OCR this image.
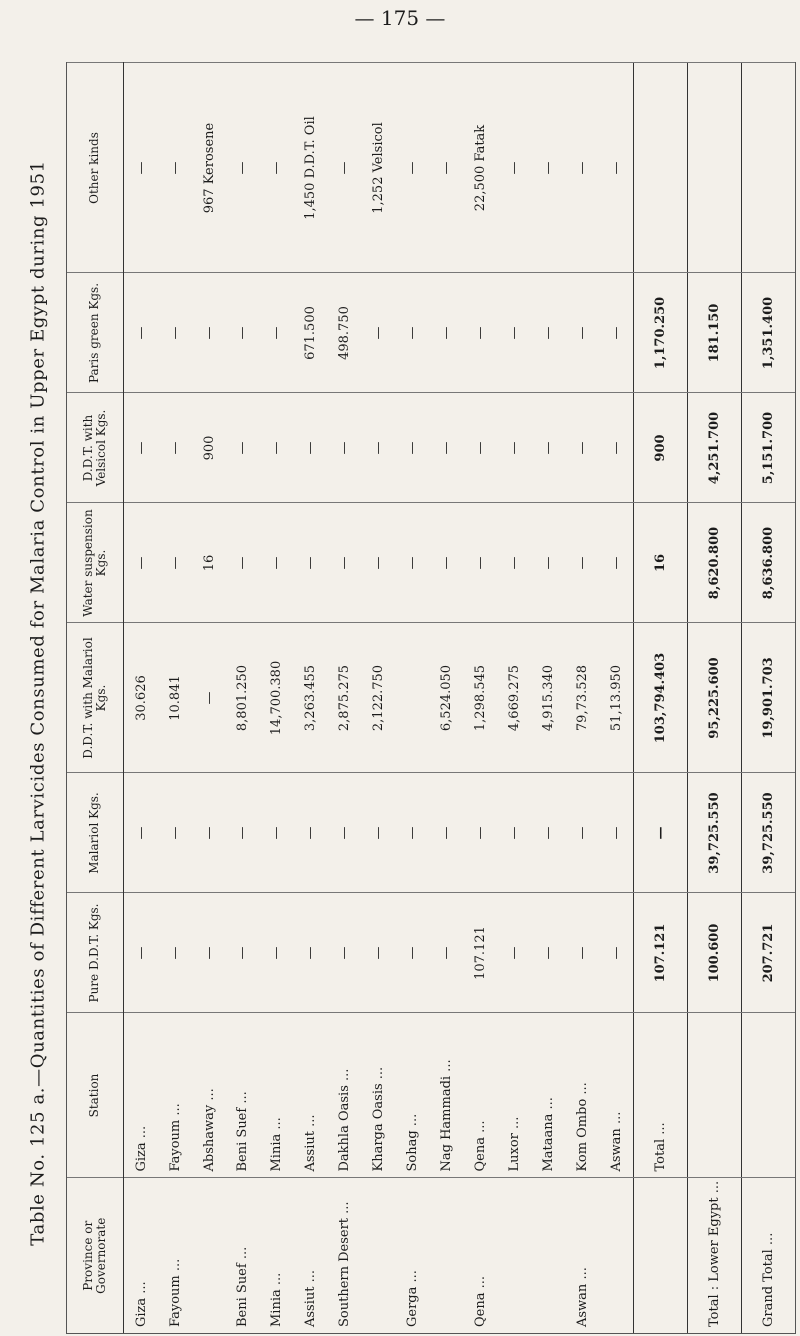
— 175 —
Table No. 125 a.—Quantities of Different Larvicides Consumed for Malaria Control in Upper Egypt during 1951
Province or Governorate	Station	Pure D.D.T. Kgs.	Malariol Kgs.	D.D.T. with Malariol Kgs.	Water suspension Kgs.	D.D.T. with Velsicol Kgs.	Paris green Kgs.	Other kinds
Giza ...	Giza ...	—	—	30.626	—	—	—	—
Fayoum ...	Fayoum ...	—	—	10.841	—	—	—	—
	Abshaway ...	—	—	—	16	900	—	967 Kerosene
Beni Suef ...	Beni Suef ...	—	—	8,801.250	—	—	—	—
Minia ...	Minia ...	—	—	14,700.380	—	—	—	—
Assiut ...	Assiut ...	—	—	3,263.455	—	—	671.500	1,450 D.D.T. Oil
Southern Desert ...	Dakhla Oasis ...	—	—	2,875.275	—	—	498.750	—
	Kharga Oasis ...	—	—	2,122.750	—	—	—	1,252 Velsicol
Gerga ...	Sohag ...	—	—		—	—	—	—
	Nag Hammadi ...	—	—	6,524.050	—	—	—	—
Qena ...	Qena ...	107.121	—	1,298.545	—	—	—	22,500 Fatak
	Luxor ...	—	—	4,669.275	—	—	—	—
	Mataana ...	—	—	4,915.340	—	—	—	—
Aswan ...	Kom Ombo ...	—	—	79,73.528	—	—	—	—
	Aswan ...	—	—	51,13.950	—	—	—	—
	Total ...	107.121	—	103,794.403	16	900	1,170.250	
Total : Lower Egypt ...		100.600	39,725.550	95,225.600	8,620.800	4,251.700	181.150	
Grand Total ...		207.721	39,725.550	19,901.703	8,636.800	5,151.700	1,351.400	
